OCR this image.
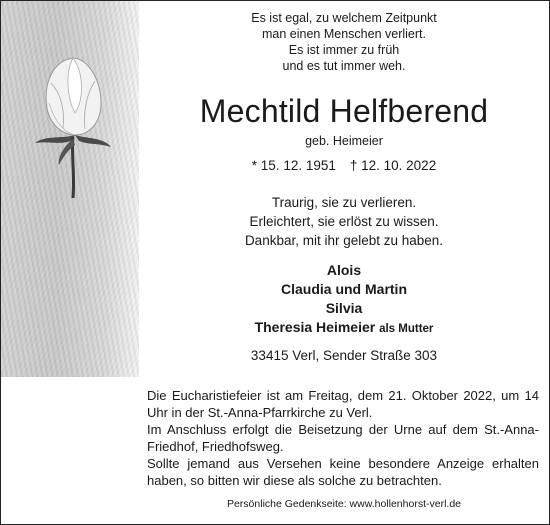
Es ist egal, zu welchem Zeitpunkt
man einen Menschen verliert.
Es ist immer zu früh
und es tut immer weh.
Mechtild Helfberend
geb. Heimeier
* 15. 12. 1951 † 12. 10. 2022
Traurig, sie zu verlieren.
Erleichtert, sie erlöst zu wissen.
Dankbar, mit ihr gelebt zu haben.
Alois
Claudia und Martin
Silvia
Theresia Heimeier als Mutter
33415 Verl, Sender Straße 303

Die Eucharistiefeier ist am Freitag, dem 21. Oktober 2022, um 14 Uhr in der St.-Anna-Pfarrkirche zu Verl.

Im Anschluss erfolgt die Beisetzung der Urne auf dem St.-Anna-Friedhof, Friedhofsweg.

Sollte jemand aus Versehen keine besondere Anzeige erhalten haben, so bitten wir diese als solche zu betrachten.

Persönliche Gedenkseite: www.hollenhorst-verl.de
